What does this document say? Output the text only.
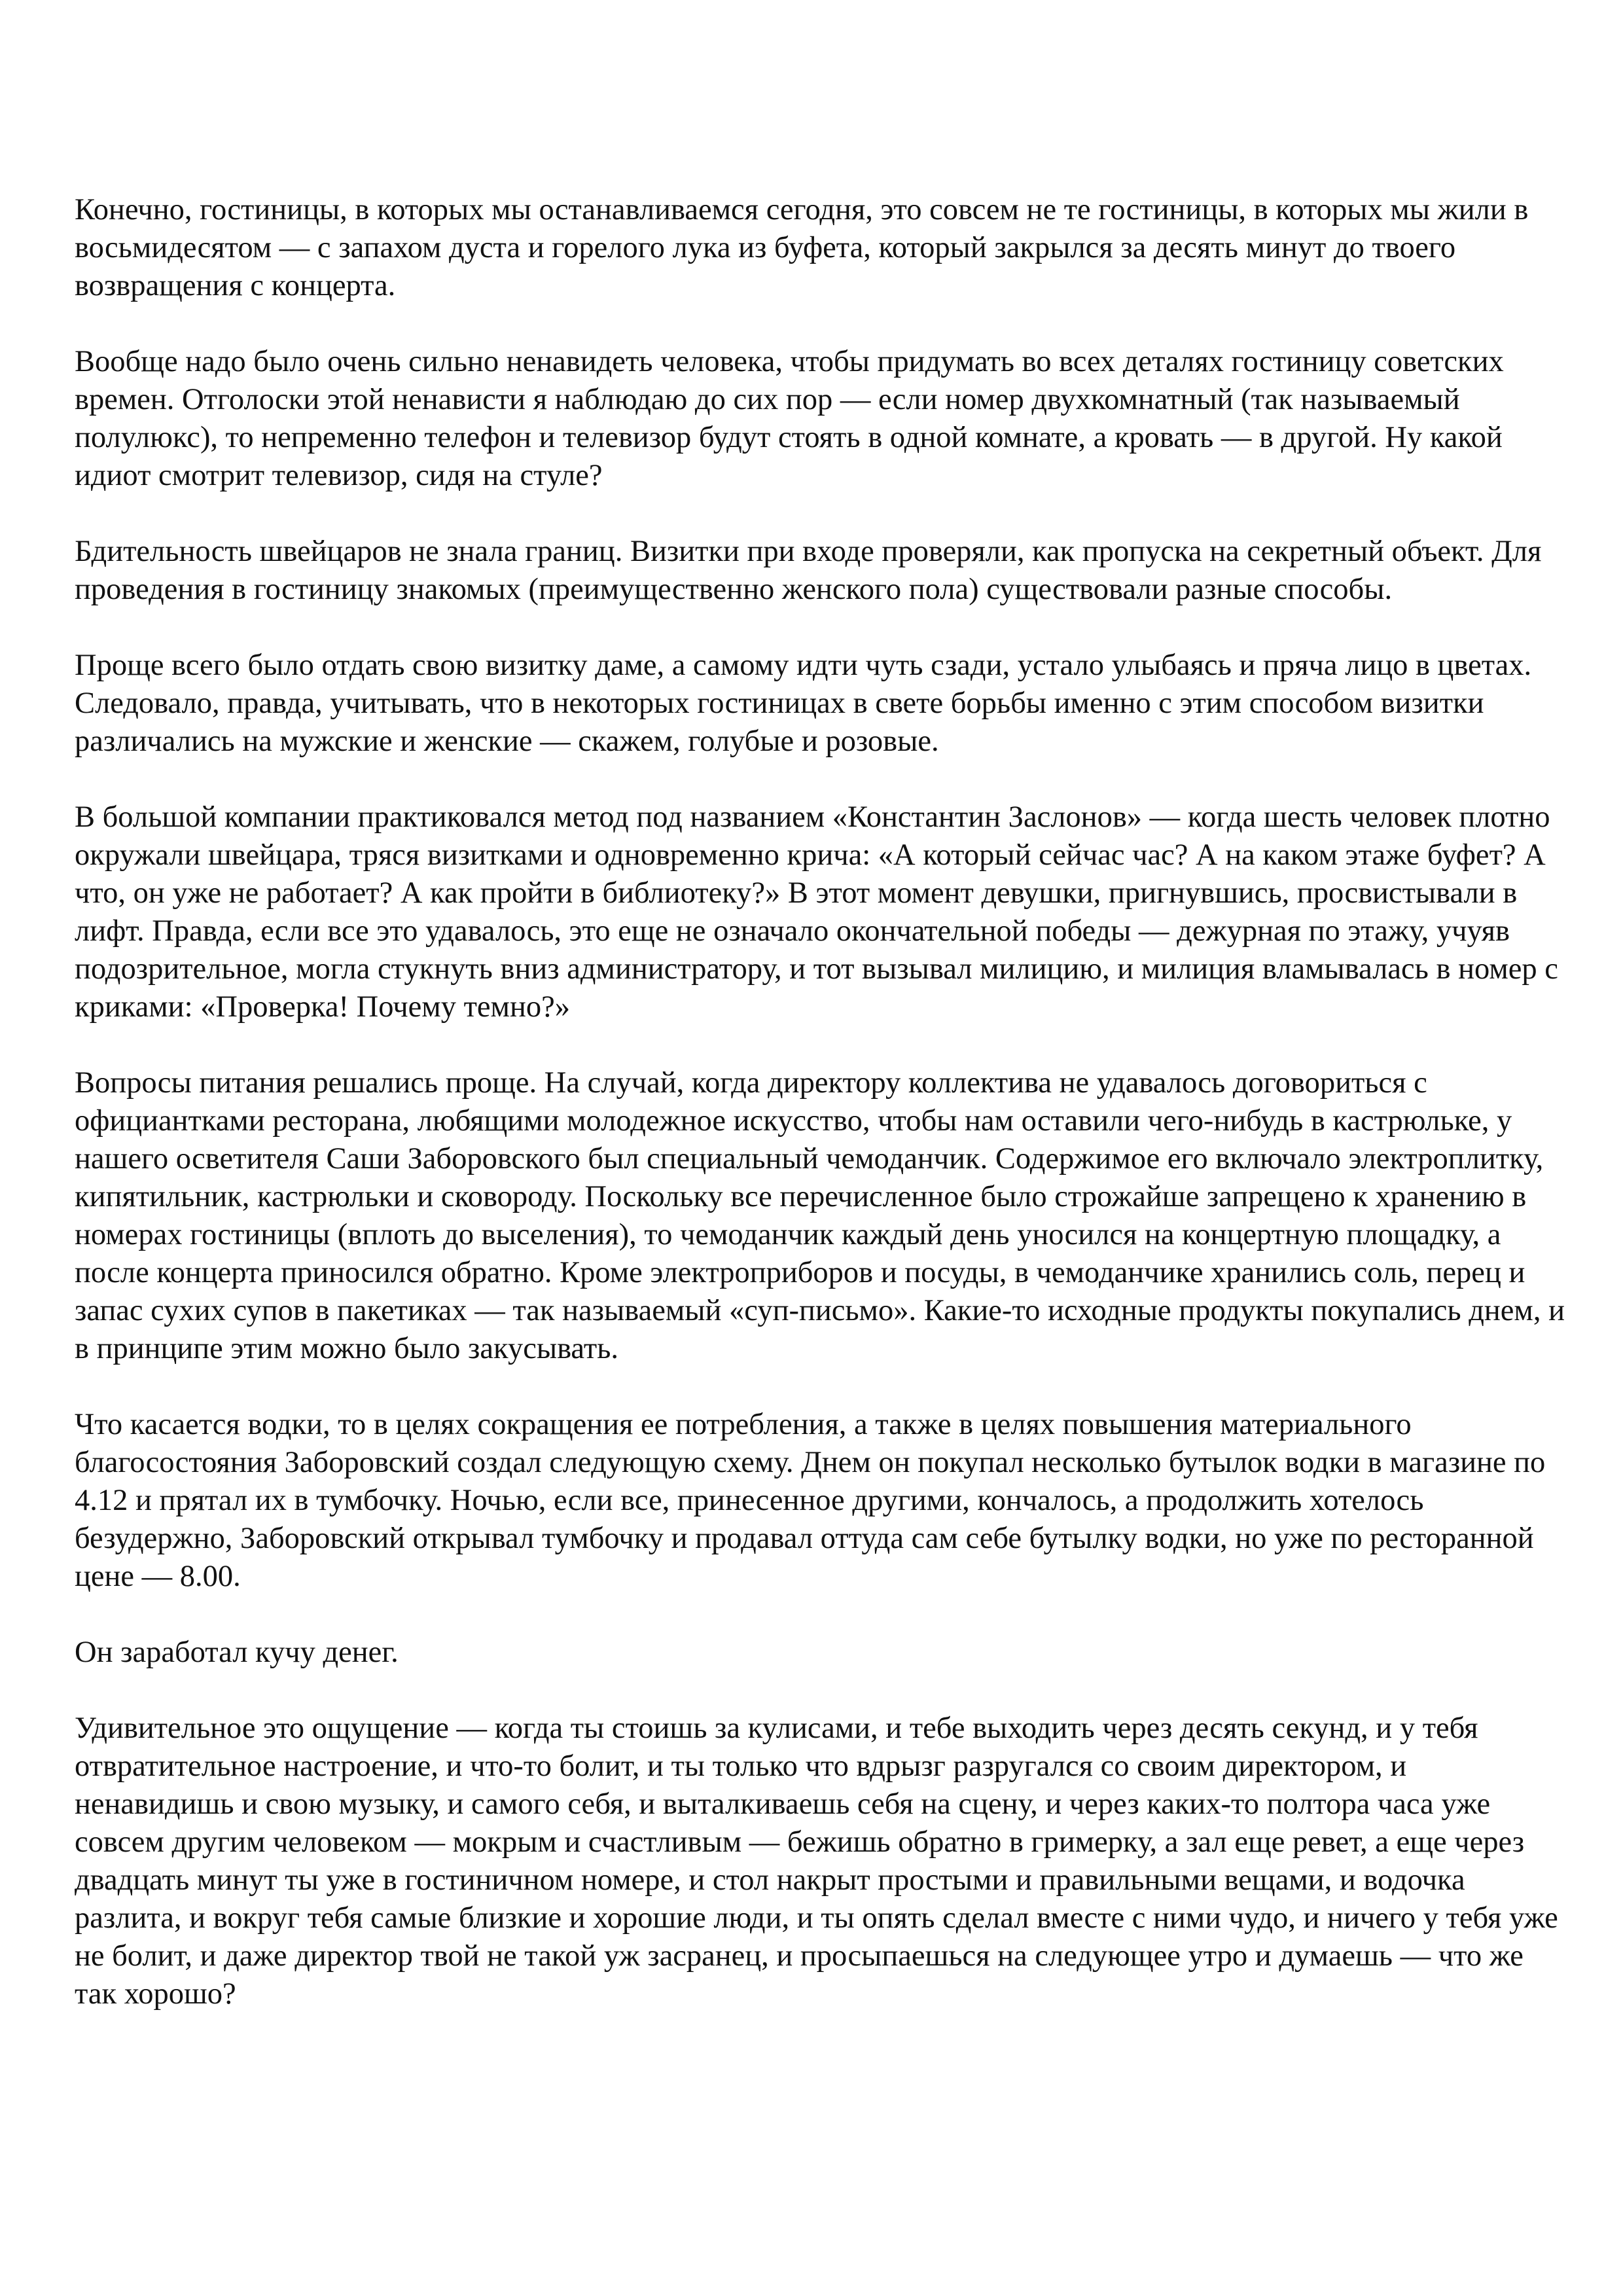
Конечно, гостиницы, в которых мы останавливаемся сегодня, это совсем не те гостиницы, в которых мы жили в восьмидесятом — с запахом дуста и горелого лука из буфета, который закрылся за десять минут до твоего возвращения с концерта.

Вообще надо было очень сильно ненавидеть человека, чтобы придумать во всех деталях гостиницу советских времен. Отголоски этой ненависти я наблюдаю до сих пор — если номер двухкомнатный (так называемый полулюкс), то непременно телефон и телевизор будут стоять в одной комнате, а кровать — в другой. Ну какой идиот смотрит телевизор, сидя на стуле?

Бдительность швейцаров не знала границ. Визитки при входе проверяли, как пропуска на секретный объект. Для проведения в гостиницу знакомых (преимущественно женского пола) существовали разные способы.

Проще всего было отдать свою визитку даме, а самому идти чуть сзади, устало улыбаясь и пряча лицо в цветах. Следовало, правда, учитывать, что в некоторых гостиницах в свете борьбы именно с этим способом визитки различались на мужские и женские — скажем, голубые и розовые.

В большой компании практиковался метод под названием «Константин Заслонов» — когда шесть человек плотно окружали швейцара, тряся визитками и одновременно крича: «А который сейчас час? А на каком этаже буфет? А что, он уже не работает? А как пройти в библиотеку?» В этот момент девушки, пригнувшись, просвистывали в лифт. Правда, если все это удавалось, это еще не означало окончательной победы — дежурная по этажу, учуяв подозрительное, могла стукнуть вниз администратору, и тот вызывал милицию, и милиция вламывалась в номер с криками: «Проверка! Почему темно?»

Вопросы питания решались проще. На случай, когда директору коллектива не удавалось договориться с официантками ресторана, любящими молодежное искусство, чтобы нам оставили чего-нибудь в кастрюльке, у нашего осветителя Саши Заборовского был специальный чемоданчик. Содержимое его включало электроплитку, кипятильник, кастрюльки и сковороду. Поскольку все перечисленное было строжайше запрещено к хранению в номерах гостиницы (вплоть до выселения), то чемоданчик каждый день уносился на концертную площадку, а после концерта приносился обратно. Кроме электроприборов и посуды, в чемоданчике хранились соль, перец и запас сухих супов в пакетиках — так называемый «суп-письмо». Какие-то исходные продукты покупались днем, и в принципе этим можно было закусывать.

Что касается водки, то в целях сокращения ее потребления, а также в целях повышения материального благосостояния Заборовский создал следующую схему. Днем он покупал несколько бутылок водки в магазине по 4.12 и прятал их в тумбочку. Ночью, если все, принесенное другими, кончалось, а продолжить хотелось безудержно, Заборовский открывал тумбочку и продавал оттуда сам себе бутылку водки, но уже по ресторанной цене — 8.00.

Он заработал кучу денег.

Удивительное это ощущение — когда ты стоишь за кулисами, и тебе выходить через десять секунд, и у тебя отвратительное настроение, и что-то болит, и ты только что вдрызг разругался со своим директором, и ненавидишь и свою музыку, и самого себя, и выталкиваешь себя на сцену, и через каких-то полтора часа уже совсем другим человеком — мокрым и счастливым — бежишь обратно в гримерку, а зал еще ревет, а еще через двадцать минут ты уже в гостиничном номере, и стол накрыт простыми и правильными вещами, и водочка разлита, и вокруг тебя самые близкие и хорошие люди, и ты опять сделал вместе с ними чудо, и ничего у тебя уже не болит, и даже директор твой не такой уж засранец, и просыпаешься на следующее утро и думаешь — что же так хорошо?
